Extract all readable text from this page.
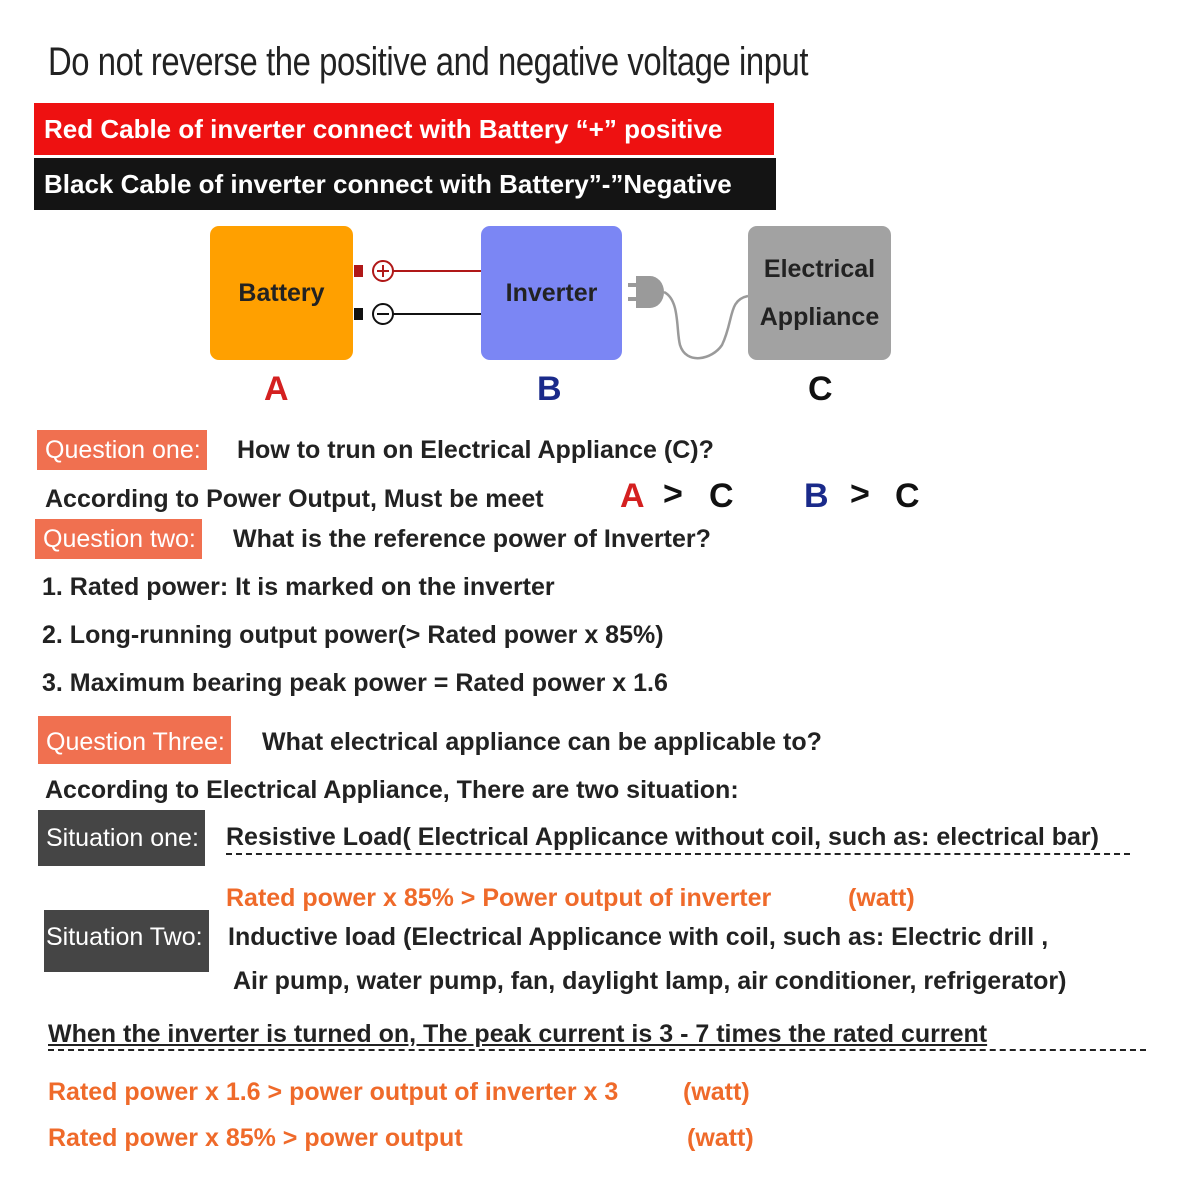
Do not reverse the positive and negative voltage input
Red Cable of inverter connect with Battery “+” positive
Black Cable of inverter connect with Battery”-”Negative
Battery	Inverter
Electrical
Appliance
A	B	C
Question one: How to trun on Electrical Appliance (C)?
According to Power Output, Must be meet A > C B > C
Question two: What is the reference power of Inverter?
1. Rated power: It is marked on the inverter
2. Long-running output power(> Rated power x 85%)
3. Maximum bearing peak power = Rated power x 1.6
Question Three: What electrical appliance can be applicable to?
According to Electrical Appliance, There are two situation:
Situation one: Resistive Load( Electrical Applicance without coil, such as: electrical bar)
Rated power x 85% > Power output of inverter	(watt)
Situation Two: Inductive load (Electrical Applicance with coil, such as: Electric drill ,
Air pump, water pump, fan, daylight lamp, air conditioner, refrigerator)
When the inverter is turned on, The peak current is 3 - 7 times the rated current
Rated power x 1.6 > power output of inverter x 3	(watt)
Rated power x 85% > power output	(watt)
